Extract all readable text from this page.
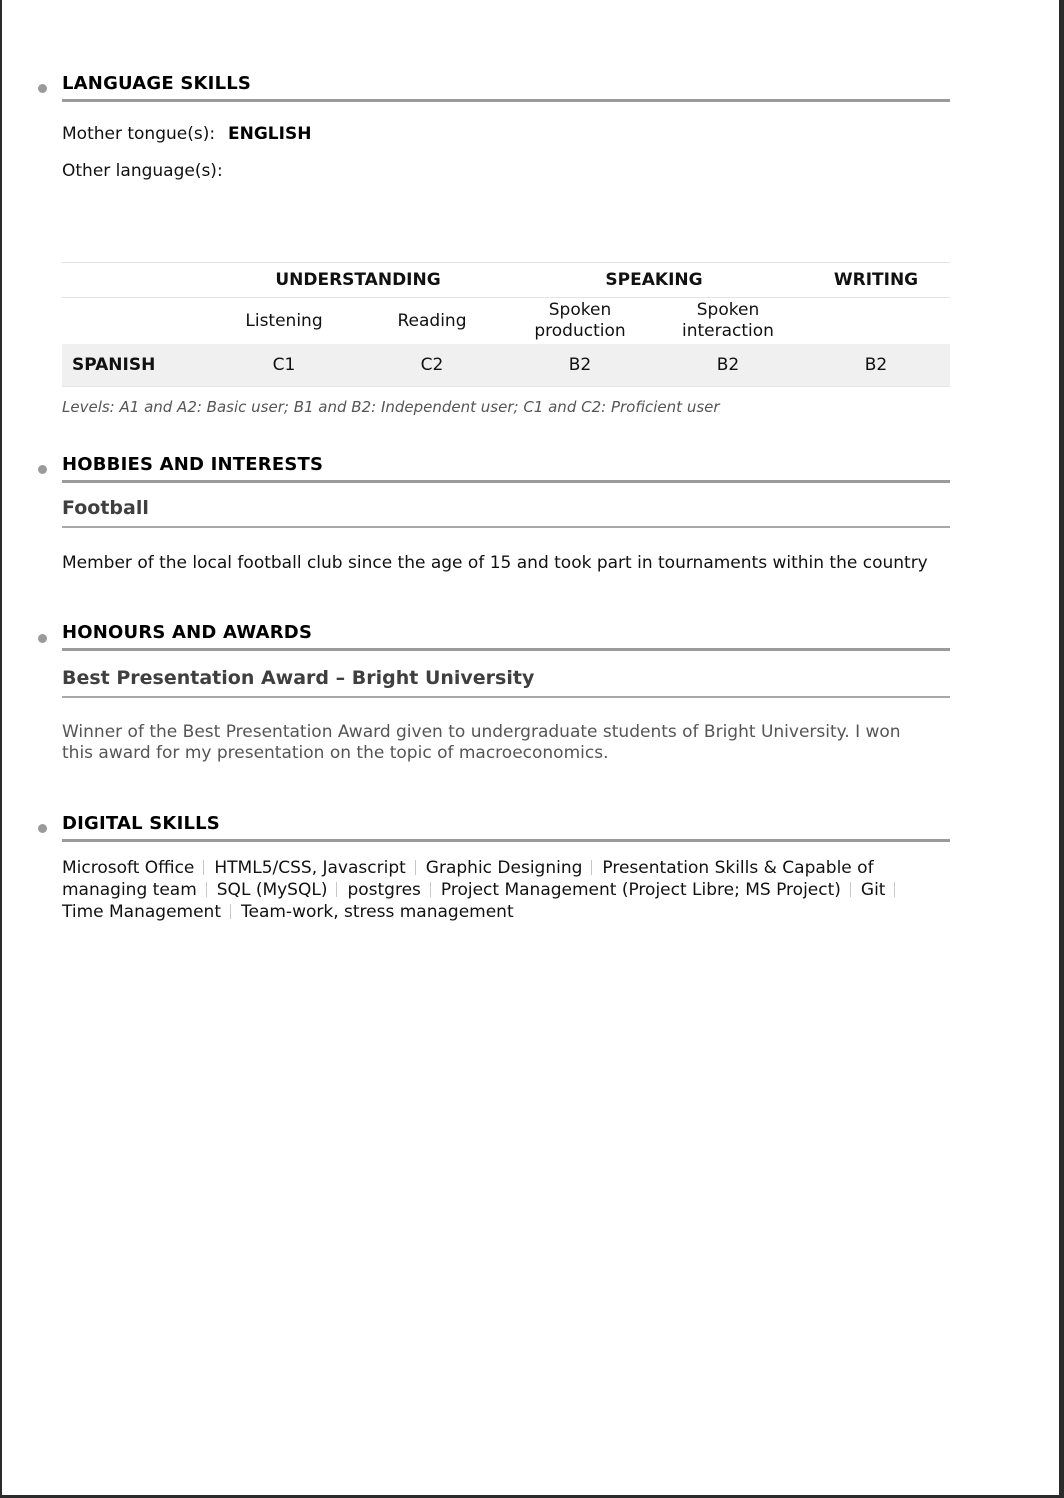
LANGUAGE SKILLS
Mother tongue(s): ENGLISH
Other language(s):
	UNDERSTANDING		SPEAKING		WRITING
	Listening	Reading	Spoken production	Spoken interaction	
SPANISH	C1	C2	B2	B2	B2
Levels: A1 and A2: Basic user; B1 and B2: Independent user; C1 and C2: Proficient user
HOBBIES AND INTERESTS
Football
Member of the local football club since the age of 15 and took part in tournaments within the country
HONOURS AND AWARDS
Best Presentation Award – Bright University
Winner of the Best Presentation Award given to undergraduate students of Bright University. I won this award for my presentation on the topic of macroeconomics.
DIGITAL SKILLS
Microsoft Office HTML5/CSS, Javascript Graphic Designing Presentation Skills & Capable of managing team SQL (MySQL) postgres Project Management (Project Libre; MS Project) GitTime Management Team-work, stress management
